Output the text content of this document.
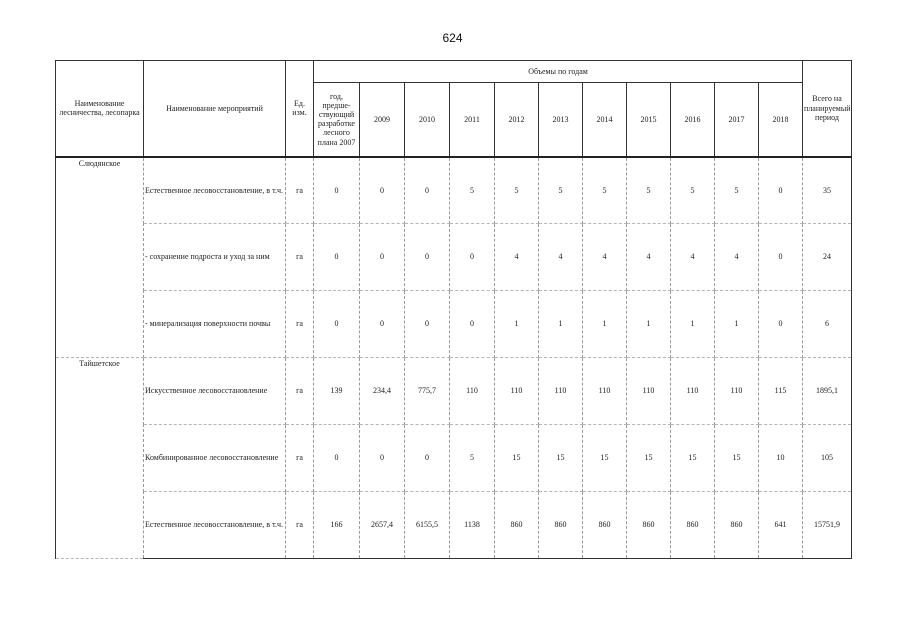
624
Наименование лесничества, лесопарка	Наименование мероприятий	Ед. изм.	Объемы по годам											Всего на планируемый период
			год, предше-ствующий разработке лесного плана 2007	2009	2010	2011	2012	2013	2014	2015	2016	2017	2018	
Слюдянское	Естественное лесовосстановление, в т.ч.	га	0	0	0	5	5	5	5	5	5	5	0	35
	- сохранение подроста и уход за ним	га	0	0	0	0	4	4	4	4	4	4	0	24
	- минерализация поверхности почвы	га	0	0	0	0	1	1	1	1	1	1	0	6
Тайшетское	Искусственное лесовосстановление	га	139	234,4	775,7	110	110	110	110	110	110	110	115	1895,1
	Комбинированное лесовосстановление	га	0	0	0	5	15	15	15	15	15	15	10	105
	Естественное лесовосстановление, в т.ч.	га	166	2657,4	6155,5	1138	860	860	860	860	860	860	641	15751,9
